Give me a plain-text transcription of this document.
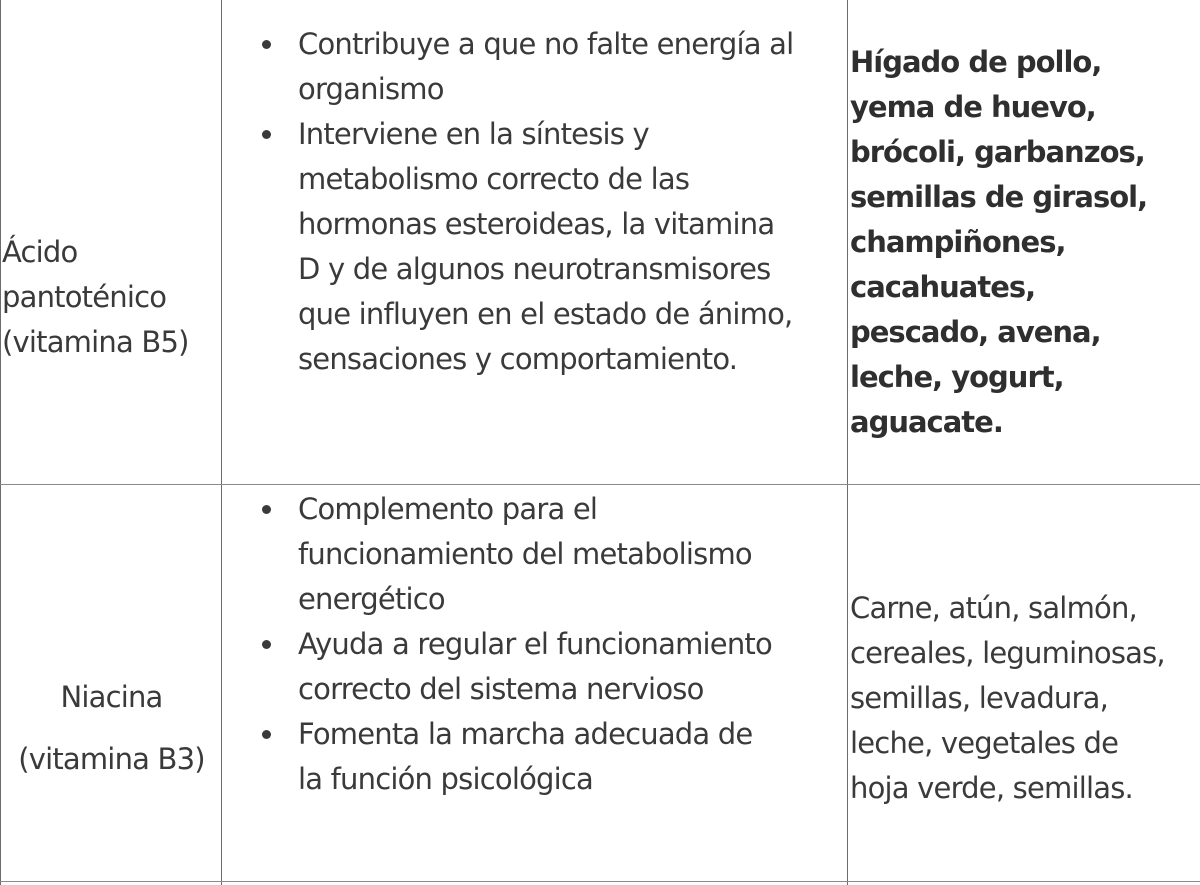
Ácido
pantoténico
(vitamina B5)
Contribuye a que no falte energía al
organismo
Interviene en la síntesis y
metabolismo correcto de las
hormonas esteroideas, la vitamina
D y de algunos neurotransmisores
que influyen en el estado de ánimo,
sensaciones y comportamiento.
Hígado de pollo,
yema de huevo,
brócoli, garbanzos,
semillas de girasol,
champiñones,
cacahuates,
pescado, avena,
leche, yogurt,
aguacate.
Niacina
(vitamina B3)
Complemento para el
funcionamiento del metabolismo
energético
Ayuda a regular el funcionamiento
correcto del sistema nervioso
Fomenta la marcha adecuada de
la función psicológica
Carne, atún, salmón,
cereales, leguminosas,
semillas, levadura,
leche, vegetales de
hoja verde, semillas.
